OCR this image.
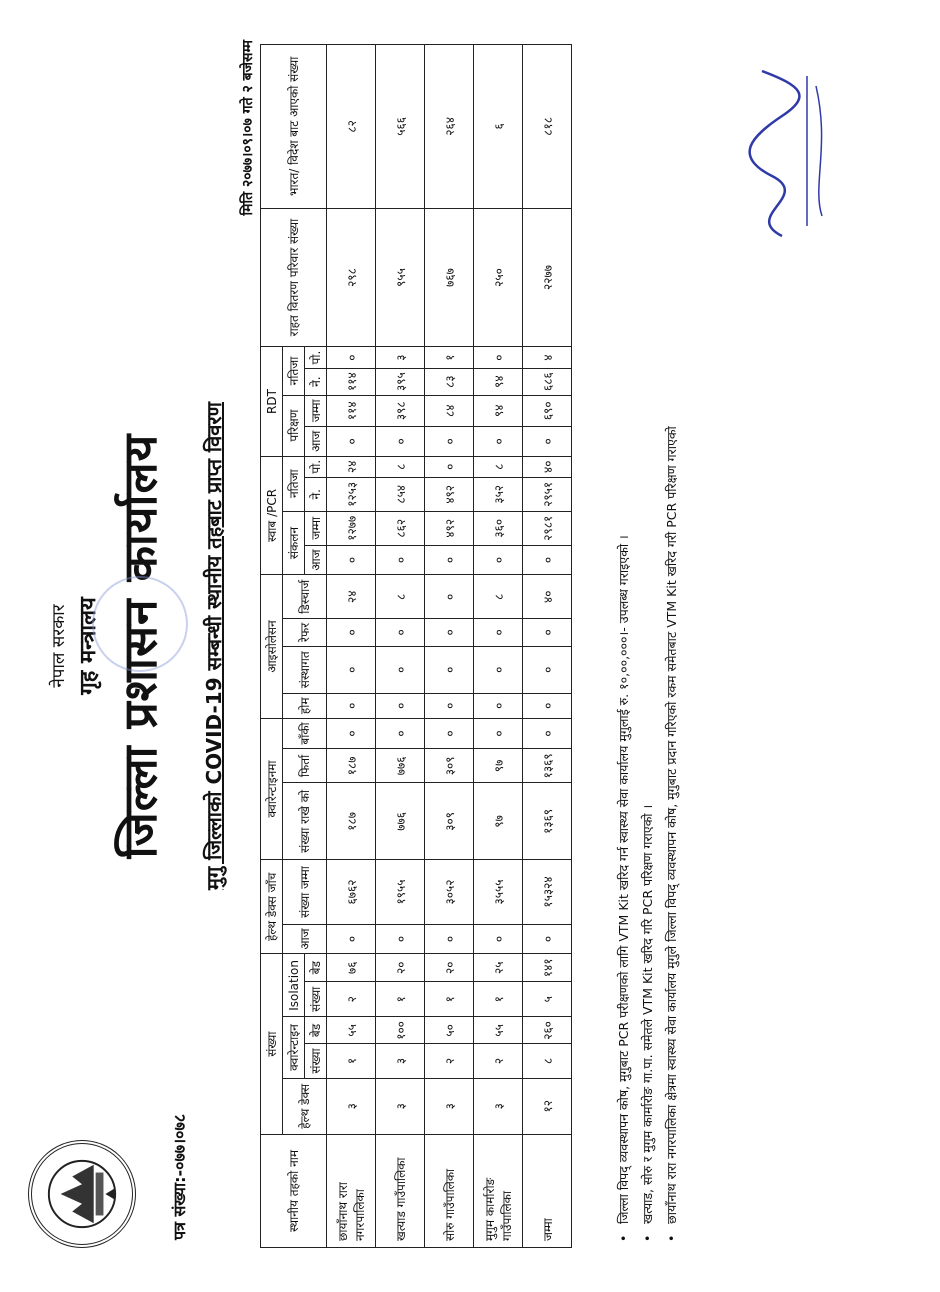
नेपाल सरकार गृह मन्त्रालय जिल्ला प्रशासन कार्यालय
पत्र संख्या:-०७७।०७८
मुगु जिल्लाको COVID-19 सम्बन्धी स्थानीय तहबाट प्राप्त विवरण
मिति २०७७।०९।०७ गते २ बजेसम्म
स्थानीय तहको नाम	संख्या					हेल्थ डेक्स जाँच		क्वारेन्टाइनमा			आइसोलेसन				स्वाब /PCR				RDT				राहत वितरण परिवार संख्या	भारत/ विदेश बाट आएको संख्या
	हेल्थ डेक्स	क्वारेन्टाइन		Isolation		आज	संख्या जम्मा	संख्या राखे को	फिर्ता	बाँकी	होम	संस्थागत	रेफर	डिस्चार्ज	संकलन		नतिजा		परिक्षण		नतिजा			
		संख्या	बेड	संख्या	बेड										आज	जम्मा	ने.	पो.	आज	जम्मा	ने.	पो.		
छायाँनाथ रारा नगरपालिका	३	१	५५	२	७६	०	६७६२	१८७	१८७	०	०	०	०	२४	०	१२७७	१२५३	२४	०	११४	११४	०	२९८	८२
खत्याड गाउँपालिका	३	३	१००	१	२०	०	१९५५	७७६	७७६	०	०	०	०	८	०	८६२	८५४	८	०	३९८	३९५	३	९५५	५६६
सोरु गाउँपालिका	३	२	५०	१	२०	०	३०५२	३०९	३०९	०	०	०	०	०	०	४९२	४९२	०	०	८४	८३	१	७६७	२६४
मुगुम कार्मारोङ गाउँपालिका	३	२	५५	१	२५	०	३५५५	९७	९७	०	०	०	०	८	०	३६०	३५२	८	०	९४	९४	०	२५०	६
जम्मा	१२	८	२६०	५	१४१	०	१५३२४	१३६९	१३६९	०	०	०	०	४०	०	२९८१	२९५१	४०	०	६९०	६८६	४	२२७७	८१८
• जिल्ला विपद् व्यवस्थापन कोष, मुगुबाट PCR परीक्षणको लागि VTM Kit खरिद गर्न स्वास्थ्य सेवा कार्यालय मुगुलाई रु. १०,००,०००।- उपलब्ध गराइएको । • खत्याड, सोरु र मुगुम कार्मारोङ गा.पा. समेतले VTM Kit खरिद गरि PCR परिक्षण गराएको । • छायाँनाथ रारा नगरपालिका क्षेत्रमा स्वास्थ्य सेवा कार्यालय मुगुले जिल्ला विपद् व्यवस्थापन कोष, मुगुबाट प्रदान गरिएको रकम समेतबाट VTM Kit खरिद गरी PCR परिक्षण गराएको
